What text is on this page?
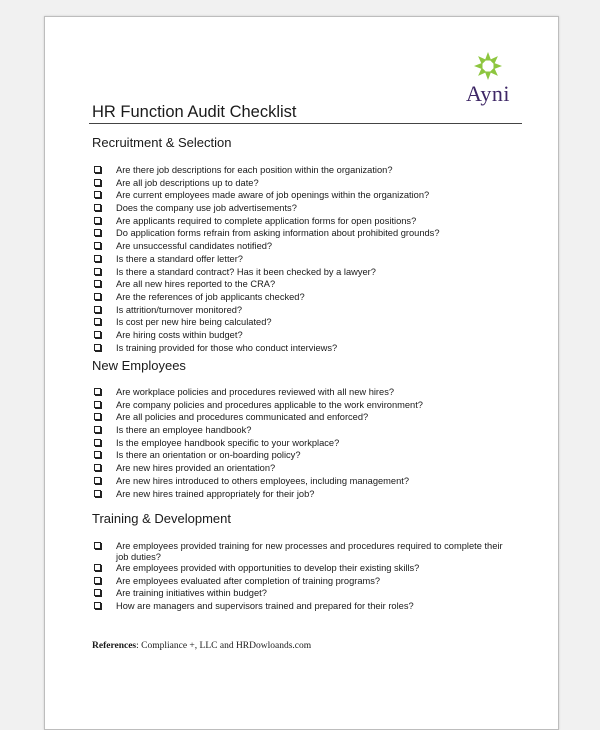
Ayni
HR Function Audit Checklist
Recruitment & Selection
Are there job descriptions for each position within the organization?
Are all job descriptions up to date?
Are current employees made aware of job openings within the organization?
Does the company use job advertisements?
Are applicants required to complete application forms for open positions?
Do application forms refrain from asking information about prohibited grounds?
Are unsuccessful candidates notified?
Is there a standard offer letter?
Is there a standard contract? Has it been checked by a lawyer?
Are all new hires reported to the CRA?
Are the references of job applicants checked?
Is attrition/turnover monitored?
Is cost per new hire being calculated?
Are hiring costs within budget?
Is training provided for those who conduct interviews?
New Employees
Are workplace policies and procedures reviewed with all new hires?
Are company policies and procedures applicable to the work environment?
Are all policies and procedures communicated and enforced?
Is there an employee handbook?
Is the employee handbook specific to your workplace?
Is there an orientation or on-boarding policy?
Are new hires provided an orientation?
Are new hires introduced to others employees, including management?
Are new hires trained appropriately for their job?
Training & Development
Are employees provided training for new processes and procedures required to complete their job duties?
Are employees provided with opportunities to develop their existing skills?
Are employees evaluated after completion of training programs?
Are training initiatives within budget?
How are managers and supervisors trained and prepared for their roles?
References: Compliance +, LLC and HRDowloands.com
